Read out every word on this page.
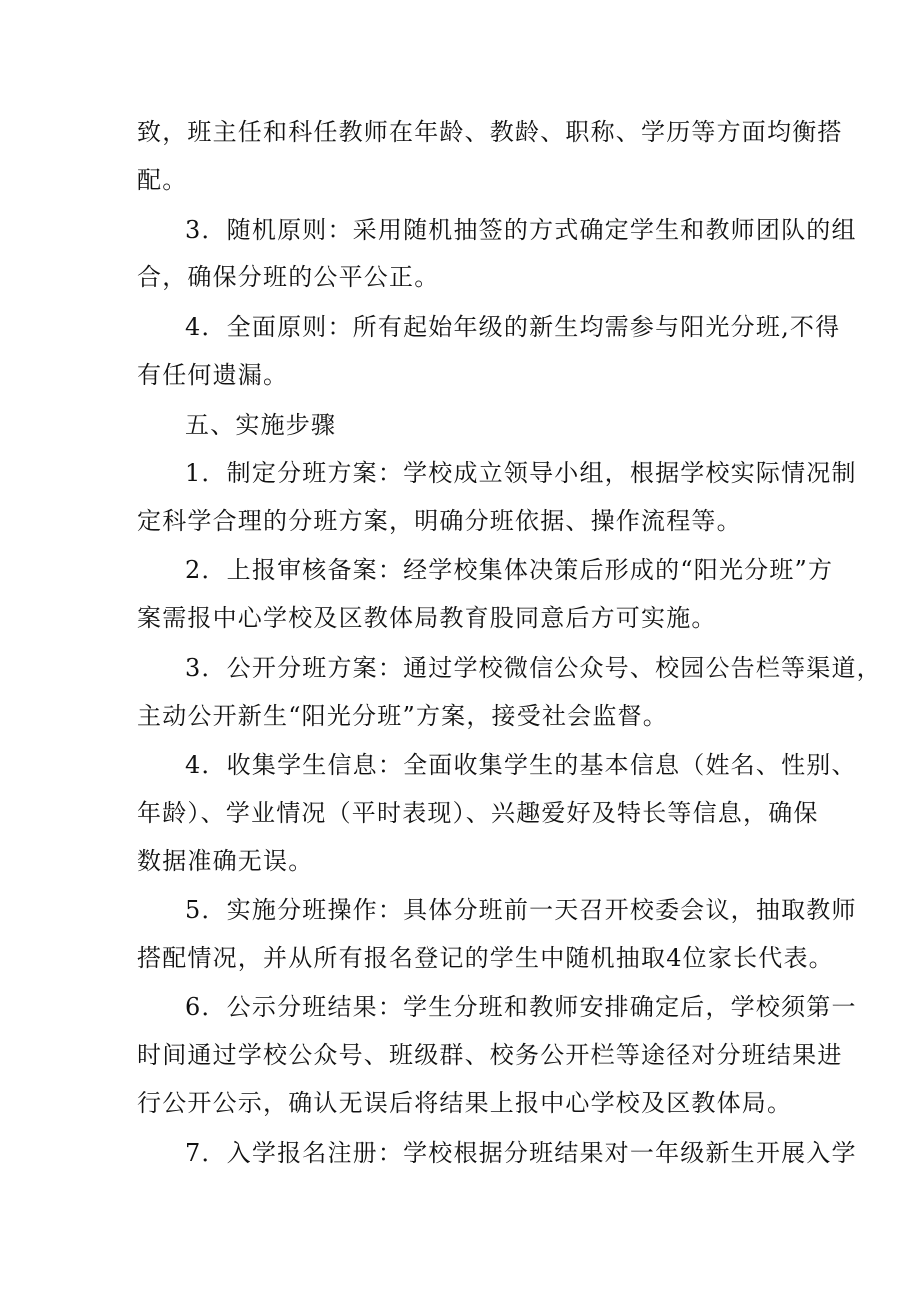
致，班主任和科任教师在年龄、教龄、职称、学历等方面均衡搭
配。
3．随机原则：采用随机抽签的方式确定学生和教师团队的组
合，确保分班的公平公正。
4．全面原则：所有起始年级的新生均需参与阳光分班,不得
有任何遗漏。
五、实施步骤
1．制定分班方案：学校成立领导小组，根据学校实际情况制
定科学合理的分班方案，明确分班依据、操作流程等。
2．上报审核备案：经学校集体决策后形成的“阳光分班”方
案需报中心学校及区教体局教育股同意后方可实施。
3．公开分班方案：通过学校微信公众号、校园公告栏等渠道，
主动公开新生“阳光分班”方案，接受社会监督。
4．收集学生信息：全面收集学生的基本信息（姓名、性别、
年龄）、学业情况（平时表现）、兴趣爱好及特长等信息，确保
数据准确无误。
5．实施分班操作：具体分班前一天召开校委会议，抽取教师
搭配情况，并从所有报名登记的学生中随机抽取4位家长代表。
6．公示分班结果：学生分班和教师安排确定后，学校须第一
时间通过学校公众号、班级群、校务公开栏等途径对分班结果进
行公开公示，确认无误后将结果上报中心学校及区教体局。
7．入学报名注册：学校根据分班结果对一年级新生开展入学
